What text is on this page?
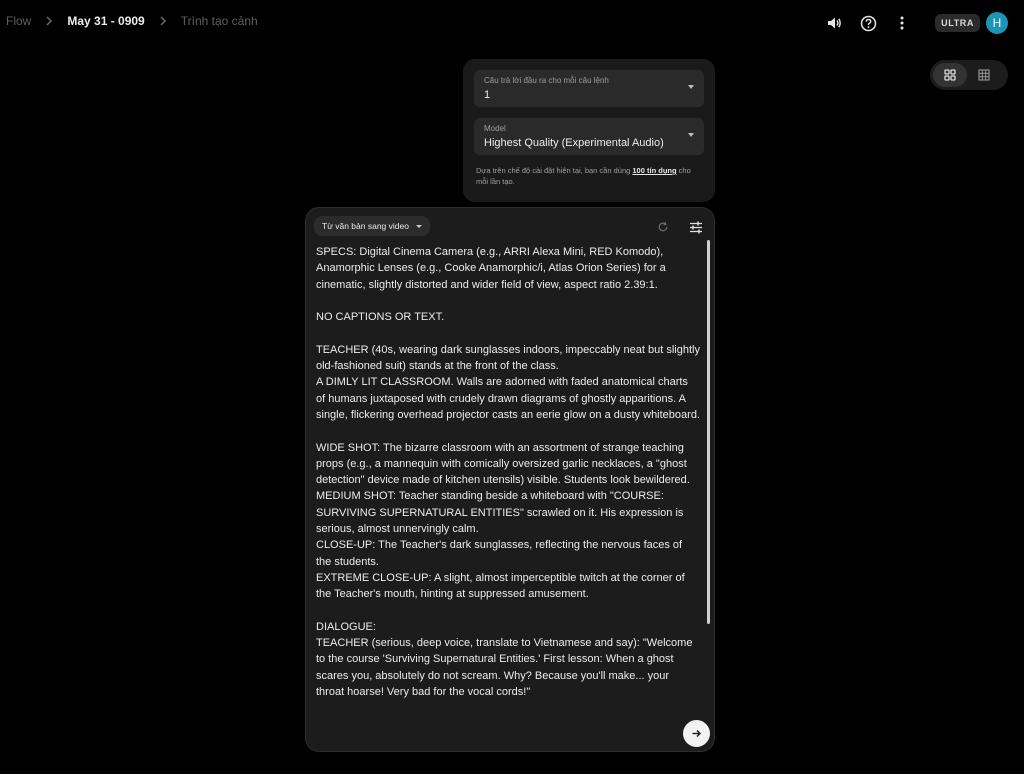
Flow	May 31 - 0909	Trình tạo cảnh	ULTRA	H
Câu trả lời đầu ra cho mỗi câu lệnh
1
Model
Highest Quality (Experimental Audio)
Dựa trên chế độ cài đặt hiện tại, bạn cần dùng 100 tín dụng cho mỗi lần tạo.
Từ văn bản sang video
SPECS: Digital Cinema Camera (e.g., ARRI Alexa Mini, RED Komodo), Anamorphic Lenses (e.g., Cooke Anamorphic/i, Atlas Orion Series) for a cinematic, slightly distorted and wider field of view, aspect ratio 2.39:1.

NO CAPTIONS OR TEXT.

TEACHER (40s, wearing dark sunglasses indoors, impeccably neat but slightly old-fashioned suit) stands at the front of the class.
A DIMLY LIT CLASSROOM. Walls are adorned with faded anatomical charts of humans juxtaposed with crudely drawn diagrams of ghostly apparitions. A single, flickering overhead projector casts an eerie glow on a dusty whiteboard.

WIDE SHOT: The bizarre classroom with an assortment of strange teaching props (e.g., a mannequin with comically oversized garlic necklaces, a "ghost detection" device made of kitchen utensils) visible. Students look bewildered.
MEDIUM SHOT: Teacher standing beside a whiteboard with "COURSE: SURVIVING SUPERNATURAL ENTITIES" scrawled on it. His expression is serious, almost unnervingly calm.
CLOSE-UP: The Teacher's dark sunglasses, reflecting the nervous faces of the students.
EXTREME CLOSE-UP: A slight, almost imperceptible twitch at the corner of the Teacher's mouth, hinting at suppressed amusement.

DIALOGUE:
TEACHER (serious, deep voice, translate to Vietnamese and say): "Welcome to the course 'Surviving Supernatural Entities.' First lesson: When a ghost scares you, absolutely do not scream. Why? Because you'll make... your throat hoarse! Very bad for the vocal cords!"
